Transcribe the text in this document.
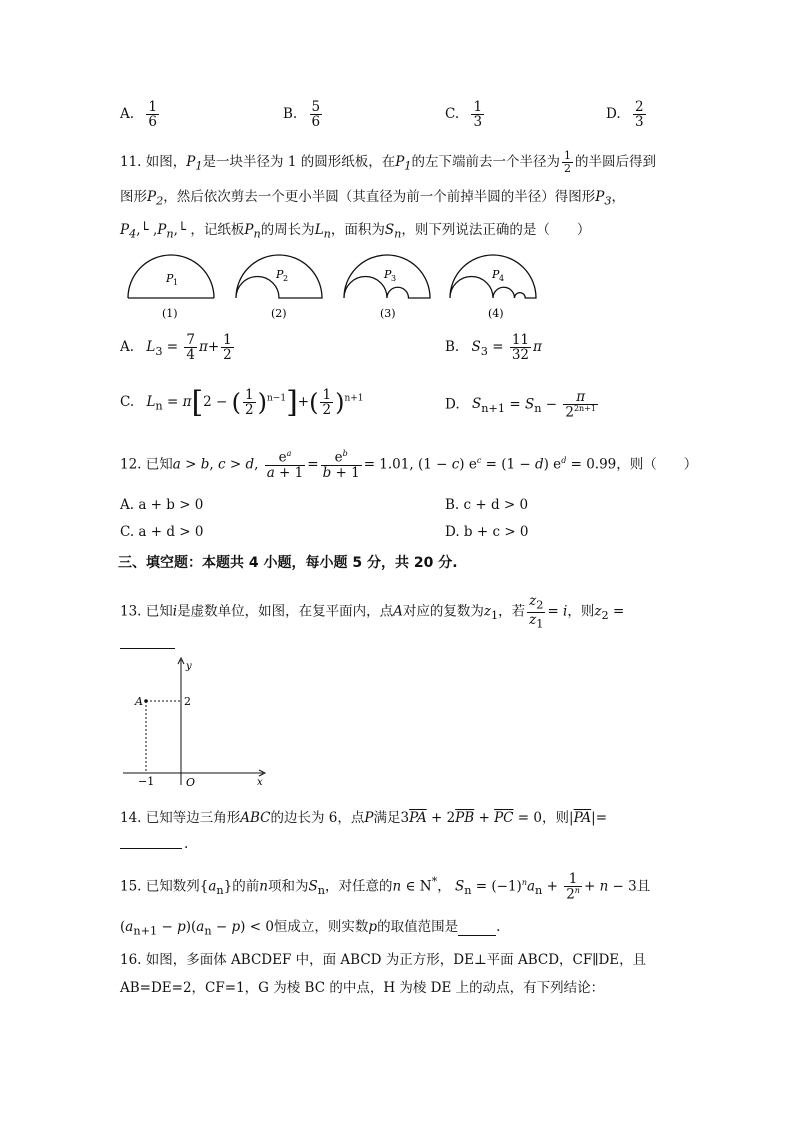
A. $\frac{1}{6}$	B. $\frac{5}{6}$	C. $\frac{1}{3}$	D. $\frac{2}{3}$
11. 如图，$P_1$是一块半径为 1 的圆形纸板，在$P_1$的左下端前去一个半径为 $\frac{1}{2}$ 的半圆后得到
图形$P_2$，然后依次剪去一个更小半圆（其直径为前一个前掉半圆的半径）得图形$P_3$，
$P_4,└$ $,P_n,└$ ，记纸板$P_n$的周长为$L_n$，面积为$S_n$，则下列说法正确的是（　　）
P 1
(1)
P 2
(2)
P 3
(3)
P 4
(4)
A. $L_3 = \frac{7}{4} \pi+ \frac{1}{2}$	B. $S_3 = \frac{11}{32}$ π
C. $L_n = \pi[2$ − ( $\frac{1}{2} )^{n-1}]+( \frac{1}{2} )^{n+1}$	D. $S_{n+1} = S_n - \frac{\pi}{2^{2n+1}}$
12. 已知a > b, c > d, $\frac{e^a}{a + 1} = \frac{e^b}{b + 1} = 1.01$, (1 − c) $e^c = (1 - d) e^d = 0.99$，则（　　）
A. a + b > 0	B. c + d > 0
C. a + d > 0	D. b + c > 0
三、填空题：本题共 4 小题，每小题 5 分，共 20 分.
13. 已知i是虚数单位，如图，在复平面内，点A对应的复数为$z_1$，若 $\frac{z_2}{z_1} = i$，则$z_2$ =
A	2
−1	O	x
y
14. 已知等边三角形ABC的边长为 6，点P满足$3\overline{PA} + 2\overline{PB} + \overline{PC} = 0$，则$|\overline{PA}|=$
.
15. 已知数列$\{a_n\}$的前n项和为$S_n$，对任意的n ∈ N*， $S_n = (-1)^na_n + \frac{1}{2^n} + n - 3$且
$(a_{n+1} - p)(a_n - p) < 0$恒成立，则实数p的取值范围是	.
16. 如图，多面体 ABCDEF 中，面 ABCD 为正方形，DE⊥平面 ABCD，CF∥DE，且
AB=DE=2，CF=1，G 为棱 BC 的中点，H 为棱 DE 上的动点，有下列结论：
